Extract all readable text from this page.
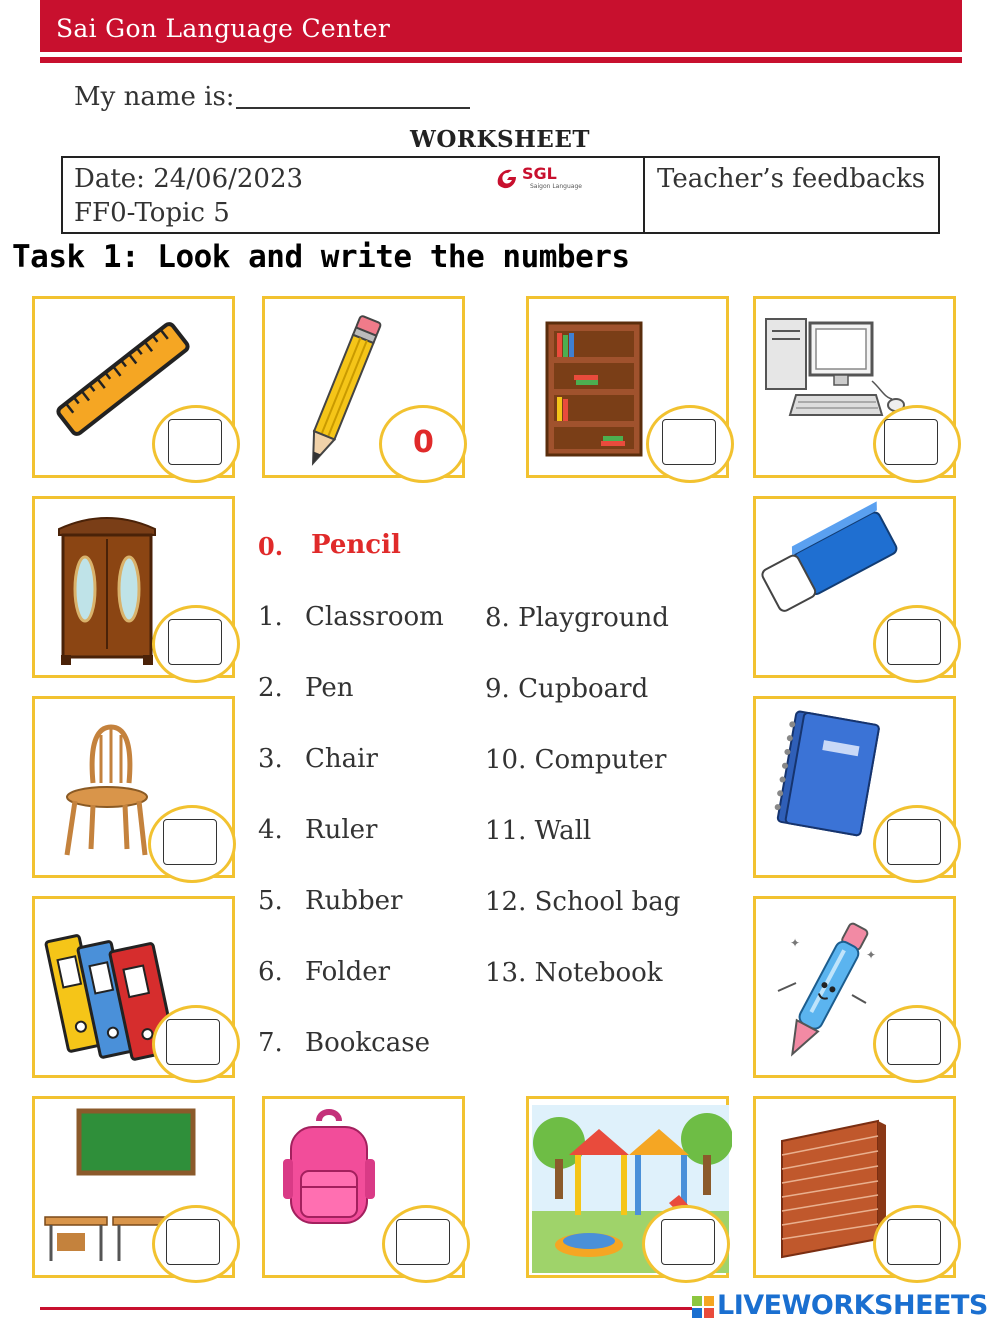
Sai Gon Language Center
My name is:
WORKSHEET
Date: 24/06/2023
FF0-Topic 5
Teacher’s feedbacks
SGL
Saigon Language
Task 1: Look and write the numbers
0
✦
✦
0. Pencil
1. Classroom
2. Pen
3. Chair
4. Ruler
5. Rubber
6. Folder
7. Bookcase
8. Playground
9. Cupboard
10. Computer
11. Wall
12. School bag
13. Notebook
LIVEWORKSHEETS
